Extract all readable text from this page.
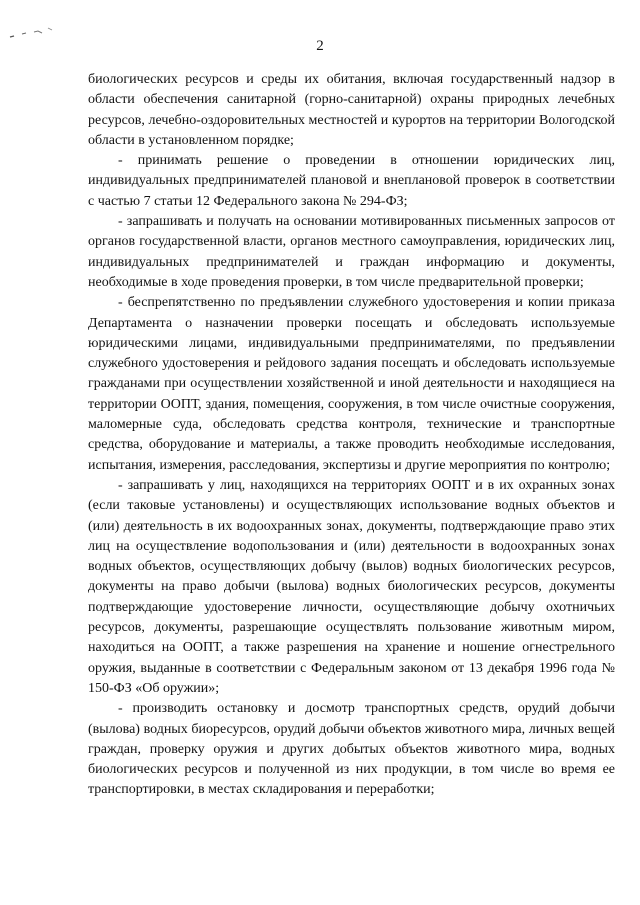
2

биологических ресурсов и среды их обитания, включая государственный надзор в области обеспечения санитарной (горно-санитарной) охраны природных лечебных ресурсов, лечебно-оздоровительных местностей и курортов на территории Вологодской области в установленном порядке;

- принимать решение о проведении в отношении юридических лиц, индивидуальных предпринимателей плановой и внеплановой проверок в соответствии с частью 7 статьи 12 Федерального закона № 294-ФЗ;

- запрашивать и получать на основании мотивированных письменных запросов от органов государственной власти, органов местного самоуправления, юридических лиц, индивидуальных предпринимателей и граждан информацию и документы, необходимые в ходе проведения проверки, в том числе предварительной проверки;

- беспрепятственно по предъявлении служебного удостоверения и копии приказа Департамента о назначении проверки посещать и обследовать используемые юридическими лицами, индивидуальными предпринимателями, по предъявлении служебного удостоверения и рейдового задания посещать и обследовать используемые гражданами при осуществлении хозяйственной и иной деятельности и находящиеся на территории ООПТ, здания, помещения, сооружения, в том числе очистные сооружения, маломерные суда, обследовать средства контроля, технические и транспортные средства, оборудование и материалы, а также проводить необходимые исследования, испытания, измерения, расследования, экспертизы и другие мероприятия по контролю;

- запрашивать у лиц, находящихся на территориях ООПТ и в их охранных зонах (если таковые установлены) и осуществляющих использование водных объектов и (или) деятельность в их водоохранных зонах, документы, подтверждающие право этих лиц на осуществление водопользования и (или) деятельности в водоохранных зонах водных объектов, осуществляющих добычу (вылов) водных биологических ресурсов, документы на право добычи (вылова) водных биологических ресурсов, документы подтверждающие удостоверение личности, осуществляющие добычу охотничьих ресурсов, документы, разрешающие осуществлять пользование животным миром, находиться на ООПТ, а также разрешения на хранение и ношение огнестрельного оружия, выданные в соответствии с Федеральным законом от 13 декабря 1996 года № 150-ФЗ «Об оружии»;

- производить остановку и досмотр транспортных средств, орудий добычи (вылова) водных биоресурсов, орудий добычи объектов животного мира, личных вещей граждан, проверку оружия и других добытых объектов животного мира, водных биологических ресурсов и полученной из них продукции, в том числе во время ее транспортировки, в местах складирования и переработки;
